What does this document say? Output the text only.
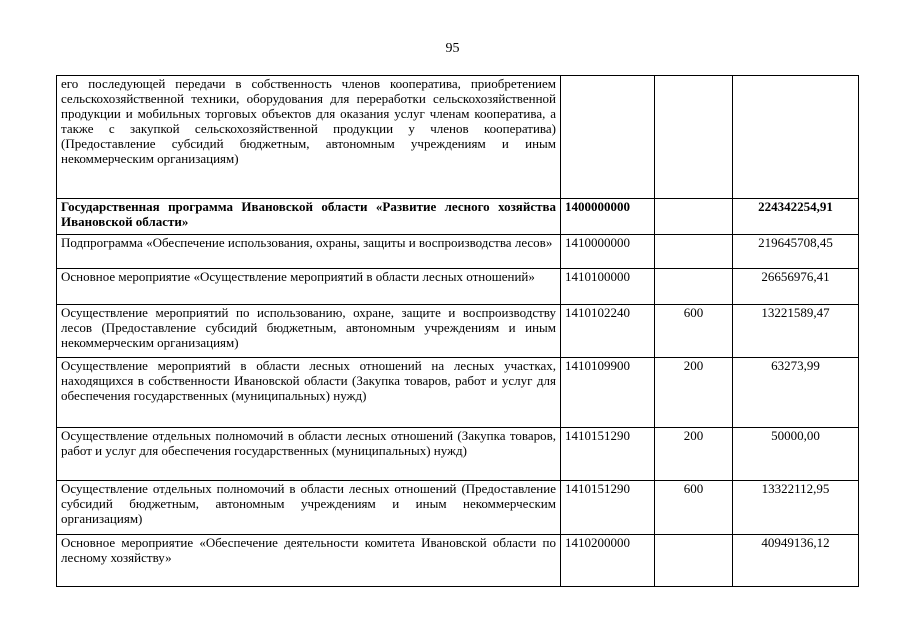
95
его последующей передачи в собственность членов кооператива, приобретением сельскохозяйственной техники, оборудования для переработки сельскохозяйственной продукции и мобильных торговых объектов для оказания услуг членам кооператива, а также с закупкой сельскохозяйственной продукции у членов кооператива) (Предоставление субсидий бюджетным, автономным учреждениям и иным некоммерческим организациям)			
Государственная программа Ивановской области «Развитие лесного хозяйства Ивановской области»	1400000000		224342254,91
Подпрограмма «Обеспечение использования, охраны, защиты и воспроизводства лесов»	1410000000		219645708,45
Основное мероприятие «Осуществление мероприятий в области лесных отношений»	1410100000		26656976,41
Осуществление мероприятий по использованию, охране, защите и воспроизводству лесов (Предоставление субсидий бюджетным, автономным учреждениям и иным некоммерческим организациям)	1410102240	600	13221589,47
Осуществление мероприятий в области лесных отношений на лесных участках, находящихся в собственности Ивановской области (Закупка товаров, работ и услуг для обеспечения государственных (муниципальных) нужд)	1410109900	200	63273,99
Осуществление отдельных полномочий в области лесных отношений (Закупка товаров, работ и услуг для обеспечения государственных (муниципальных) нужд)	1410151290	200	50000,00
Осуществление отдельных полномочий в области лесных отношений (Предоставление субсидий бюджетным, автономным учреждениям и иным некоммерческим организациям)	1410151290	600	13322112,95
Основное мероприятие «Обеспечение деятельности комитета Ивановской области по лесному хозяйству»	1410200000		40949136,12
